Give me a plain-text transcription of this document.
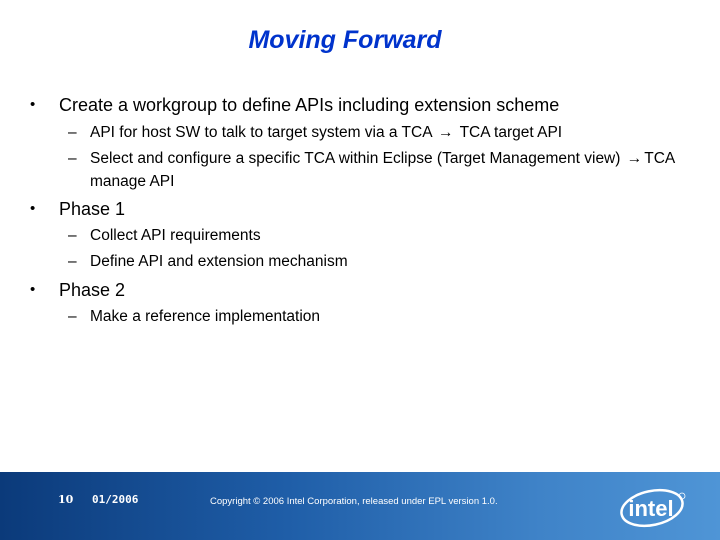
Moving Forward
• Create a workgroup to define APIs including extension scheme
– API for host SW to talk to target system via a TCA → TCA target API
– Select and configure a specific TCA within Eclipse (Target Management view) → TCA manage API
• Phase 1
– Collect API requirements
– Define API and extension mechanism
• Phase 2
– Make a reference implementation
10 01/2006	Copyright © 2006 Intel Corporation, released under EPL version 1.0.	intel
